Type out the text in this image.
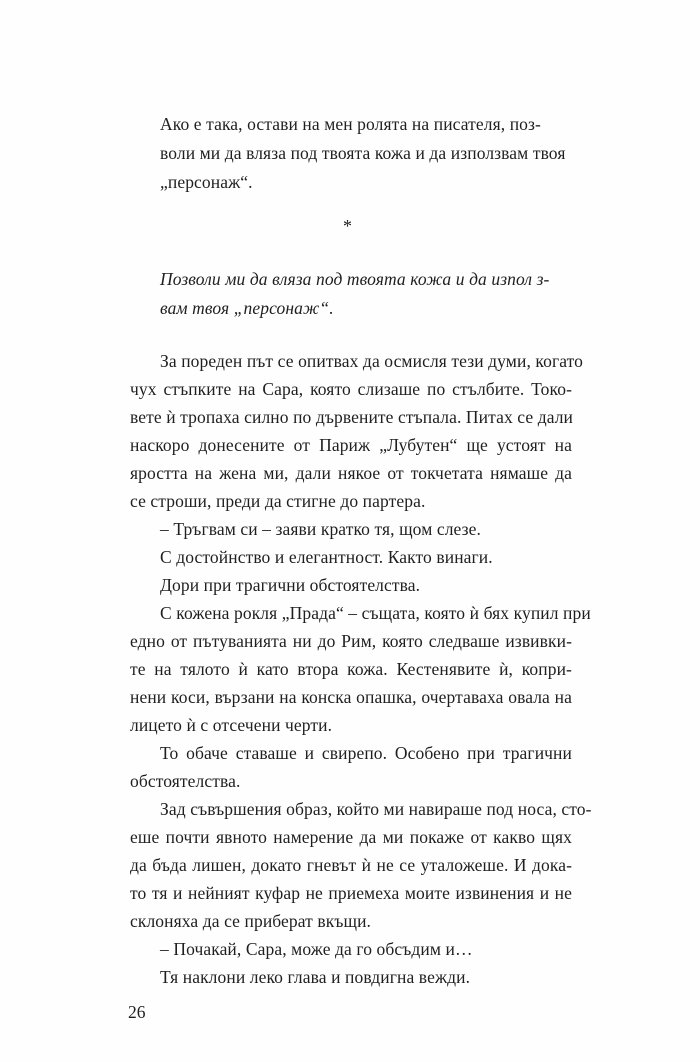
Ако е така, остави на мен ролята на писателя, поз-
воли ми да вляза под твоята кожа и да използвам твоя
„персонаж“.
*
Позволи ми да вляза под твоята кожа и да изпол з-
вам твоя „персонаж“.
За пореден път се опитвах да осмисля тези думи, когато
чух стъпките на Сара, която слизаше по стълбите. Токо-
вете ѝ тропаха силно по дървените стъпала. Питах се дали
наскоро донесените от Париж „Лубутен“ ще устоят на
яростта на жена ми, дали някое от токчетата нямаше да
се строши, преди да стигне до партера.
– Тръгвам си – заяви кратко тя, щом слезе.
С достойнство и елегантност. Както винаги.
Дори при трагични обстоятелства.
С кожена рокля „Прада“ – същата, която ѝ бях купил при
едно от пътуванията ни до Рим, която следваше извивки-
те на тялото ѝ като втора кожа. Кестенявите ѝ, копри-
нени коси, вързани на конска опашка, очертаваха овала на
лицето ѝ с отсечени черти.
То обаче ставаше и свирепо. Особено при трагични
обстоятелства.
Зад съвършения образ, който ми навираше под носа, сто-
еше почти явното намерение да ми покаже от какво щях
да бъда лишен, докато гневът ѝ не се уталожеше. И дока-
то тя и нейният куфар не приемеха моите извинения и не
склоняха да се приберат вкъщи.
– Почакай, Сара, може да го обсъдим и…
Тя наклони леко глава и повдигна вежди.
26
